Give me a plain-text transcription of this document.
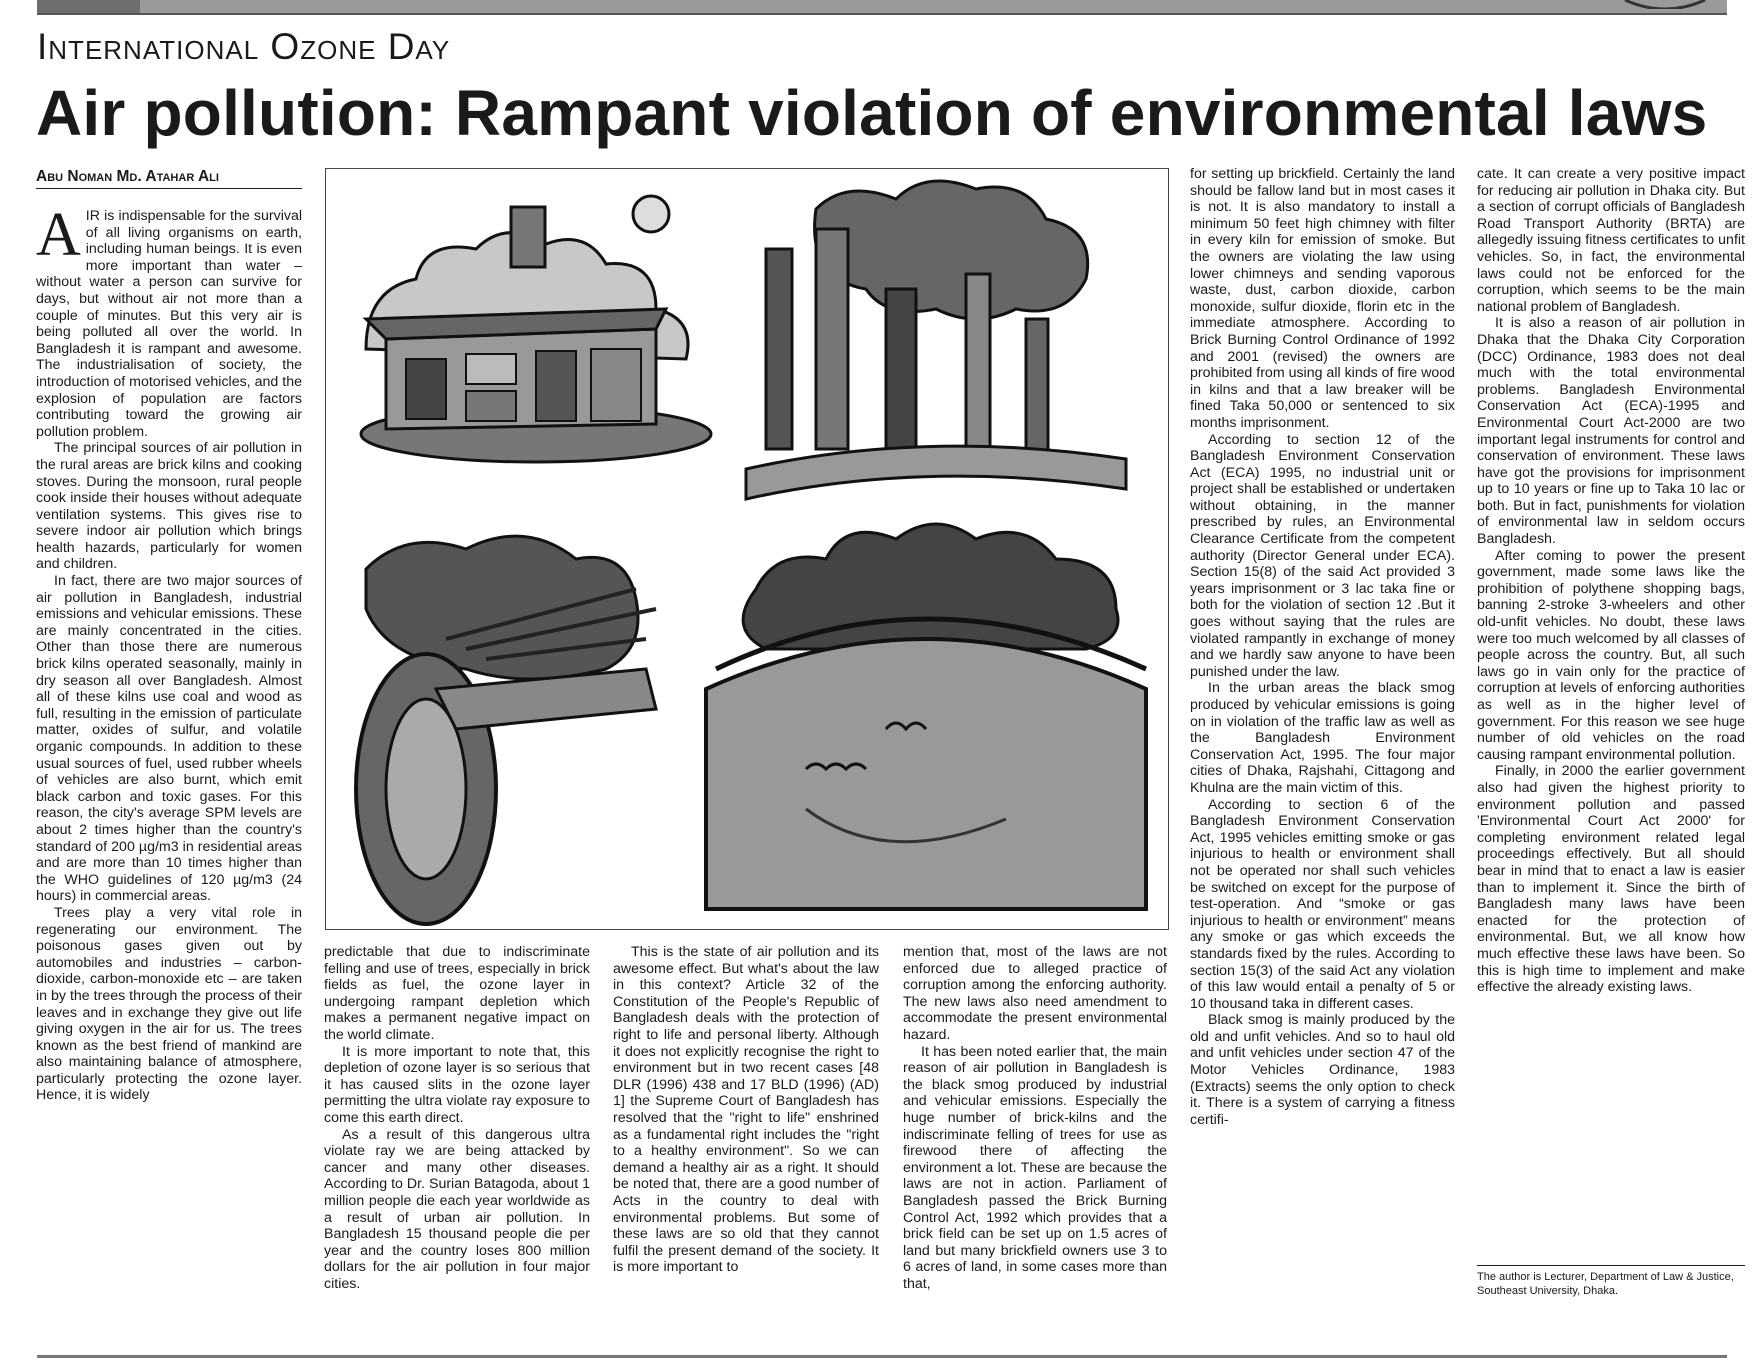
International Ozone Day
Air pollution: Rampant violation of environmental laws
Abu Noman Md. Atahar Ali

AIR is indispensable for the survival of all living organisms on earth, including human beings. It is even more important than water – without water a person can survive for days, but without air not more than a couple of minutes. But this very air is being polluted all over the world. In Bangladesh it is rampant and awesome. The industrialisation of society, the introduction of motorised vehicles, and the explosion of population are factors contributing toward the growing air pollution problem.

The principal sources of air pollution in the rural areas are brick kilns and cooking stoves. During the monsoon, rural people cook inside their houses without adequate ventilation systems. This gives rise to severe indoor air pollution which brings health hazards, particularly for women and children.

In fact, there are two major sources of air pollution in Bangladesh, industrial emissions and vehicular emissions. These are mainly concentrated in the cities. Other than those there are numerous brick kilns operated seasonally, mainly in dry season all over Bangladesh. Almost all of these kilns use coal and wood as full, resulting in the emission of particulate matter, oxides of sulfur, and volatile organic compounds. In addition to these usual sources of fuel, used rubber wheels of vehicles are also burnt, which emit black carbon and toxic gases. For this reason, the city's average SPM levels are about 2 times higher than the country's standard of 200 µg/m3 in residential areas and are more than 10 times higher than the WHO guidelines of 120 µg/m3 (24 hours) in commercial areas.

Trees play a very vital role in regenerating our environment. The poisonous gases given out by automobiles and industries – carbon-dioxide, carbon-monoxide etc – are taken in by the trees through the process of their leaves and in exchange they give out life giving oxygen in the air for us. The trees known as the best friend of mankind are also maintaining balance of atmosphere, particularly protecting the ozone layer. Hence, it is widely

predictable that due to indiscriminate felling and use of trees, especially in brick fields as fuel, the ozone layer in undergoing rampant depletion which makes a permanent negative impact on the world climate.

It is more important to note that, this depletion of ozone layer is so serious that it has caused slits in the ozone layer permitting the ultra violate ray exposure to come this earth direct.

As a result of this dangerous ultra violate ray we are being attacked by cancer and many other diseases. According to Dr. Surian Batagoda, about 1 million people die each year worldwide as a result of urban air pollution. In Bangladesh 15 thousand people die per year and the country loses 800 million dollars for the air pollution in four major cities.

This is the state of air pollution and its awesome effect. But what's about the law in this context? Article 32 of the Constitution of the People's Republic of Bangladesh deals with the protection of right to life and personal liberty. Although it does not explicitly recognise the right to environment but in two recent cases [48 DLR (1996) 438 and 17 BLD (1996) (AD) 1] the Supreme Court of Bangladesh has resolved that the "right to life" enshrined as a fundamental right includes the "right to a healthy environment". So we can demand a healthy air as a right. It should be noted that, there are a good number of Acts in the country to deal with environmental problems. But some of these laws are so old that they cannot fulfil the present demand of the society. It is more important to

mention that, most of the laws are not enforced due to alleged practice of corruption among the enforcing authority. The new laws also need amendment to accommodate the present environmental hazard.

It has been noted earlier that, the main reason of air pollution in Bangladesh is the black smog produced by industrial and vehicular emissions. Especially the huge number of brick-kilns and the indiscriminate felling of trees for use as firewood there of affecting the environment a lot. These are because the laws are not in action. Parliament of Bangladesh passed the Brick Burning Control Act, 1992 which provides that a brick field can be set up on 1.5 acres of land but many brickfield owners use 3 to 6 acres of land, in some cases more than that,

for setting up brickfield. Certainly the land should be fallow land but in most cases it is not. It is also mandatory to install a minimum 50 feet high chimney with filter in every kiln for emission of smoke. But the owners are violating the law using lower chimneys and sending vaporous waste, dust, carbon dioxide, carbon monoxide, sulfur dioxide, florin etc in the immediate atmosphere. According to Brick Burning Control Ordinance of 1992 and 2001 (revised) the owners are prohibited from using all kinds of fire wood in kilns and that a law breaker will be fined Taka 50,000 or sentenced to six months imprisonment.

According to section 12 of the Bangladesh Environment Conservation Act (ECA) 1995, no industrial unit or project shall be established or undertaken without obtaining, in the manner prescribed by rules, an Environmental Clearance Certificate from the competent authority (Director General under ECA). Section 15(8) of the said Act provided 3 years imprisonment or 3 lac taka fine or both for the violation of section 12 .But it goes without saying that the rules are violated rampantly in exchange of money and we hardly saw anyone to have been punished under the law.

In the urban areas the black smog produced by vehicular emissions is going on in violation of the traffic law as well as the Bangladesh Environment Conservation Act, 1995. The four major cities of Dhaka, Rajshahi, Cittagong and Khulna are the main victim of this.

According to section 6 of the Bangladesh Environment Conservation Act, 1995 vehicles emitting smoke or gas injurious to health or environment shall not be operated nor shall such vehicles be switched on except for the purpose of test-operation. And “smoke or gas injurious to health or environment” means any smoke or gas which exceeds the standards fixed by the rules. According to section 15(3) of the said Act any violation of this law would entail a penalty of 5 or 10 thousand taka in different cases.

Black smog is mainly produced by the old and unfit vehicles. And so to haul old and unfit vehicles under section 47 of the Motor Vehicles Ordinance, 1983 (Extracts) seems the only option to check it. There is a system of carrying a fitness certifi-

cate. It can create a very positive impact for reducing air pollution in Dhaka city. But a section of corrupt officials of Bangladesh Road Transport Authority (BRTA) are allegedly issuing fitness certificates to unfit vehicles. So, in fact, the environmental laws could not be enforced for the corruption, which seems to be the main national problem of Bangladesh.

It is also a reason of air pollution in Dhaka that the Dhaka City Corporation (DCC) Ordinance, 1983 does not deal much with the total environmental problems. Bangladesh Environmental Conservation Act (ECA)-1995 and Environmental Court Act-2000 are two important legal instruments for control and conservation of environment. These laws have got the provisions for imprisonment up to 10 years or fine up to Taka 10 lac or both. But in fact, punishments for violation of environmental law in seldom occurs Bangladesh.

After coming to power the present government, made some laws like the prohibition of polythene shopping bags, banning 2-stroke 3-wheelers and other old-unfit vehicles. No doubt, these laws were too much welcomed by all classes of people across the country. But, all such laws go in vain only for the practice of corruption at levels of enforcing authorities as well as in the higher level of government. For this reason we see huge number of old vehicles on the road causing rampant environmental pollution.

Finally, in 2000 the earlier government also had given the highest priority to environment pollution and passed 'Environmental Court Act 2000' for completing environment related legal proceedings effectively. But all should bear in mind that to enact a law is easier than to implement it. Since the birth of Bangladesh many laws have been enacted for the protection of environmental. But, we all know how much effective these laws have been. So this is high time to implement and make effective the already existing laws.

The author is Lecturer, Department of Law & Justice, Southeast University, Dhaka.
